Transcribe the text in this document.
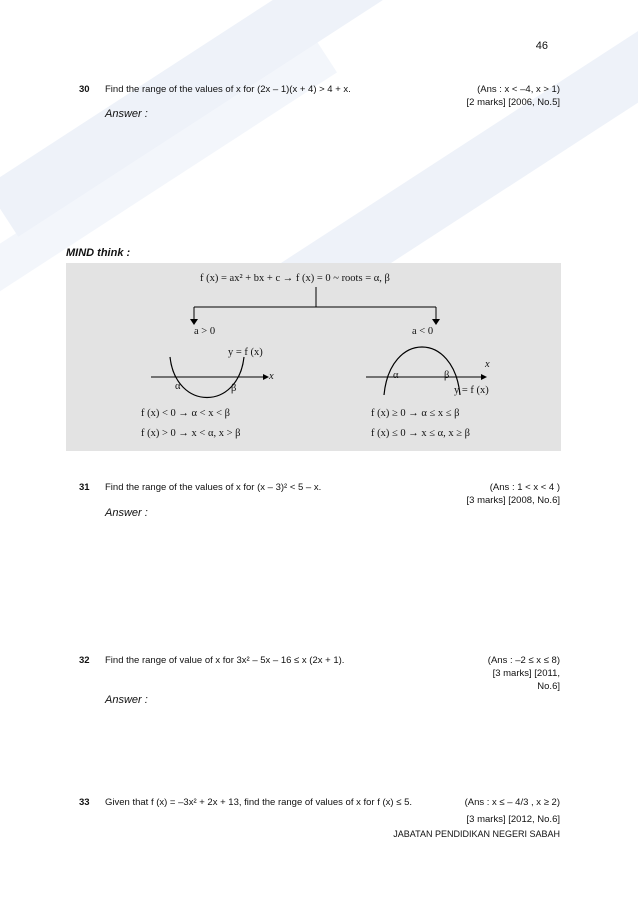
46
30 Find the range of the values of x for (2x – 1)(x + 4) > 4 + x.	(Ans : x < –4, x > 1)
[2 marks] [2006, No.5]
Answer :
MIND think :
f (x) = ax² + bx + c → f (x) = 0 ~ roots = α, β
a > 0
y = f (x)
x
α	β
f (x) < 0 → α < x < β
f (x) > 0 → x < α, x > β
a < 0
x
α	β
y = f (x)
f (x) ≥ 0 → α ≤ x ≤ β
f (x) ≤ 0 → x ≤ α, x ≥ β
31 Find the range of the values of x for (x – 3)² < 5 – x.	(Ans : 1 < x < 4 )
[3 marks] [2008, No.6]
Answer :
32 Find the range of value of x for 3x² – 5x – 16 ≤ x (2x + 1).	(Ans : –2 ≤ x ≤ 8)
[3 marks] [2011,
No.6]
Answer :
33 Given that f (x) = –3x² + 2x + 13, find the range of values of x for f (x) ≤ 5.	(Ans : x ≤ – 4/3 , x ≥ 2)
[3 marks] [2012, No.6]
JABATAN PENDIDIKAN NEGERI SABAH
